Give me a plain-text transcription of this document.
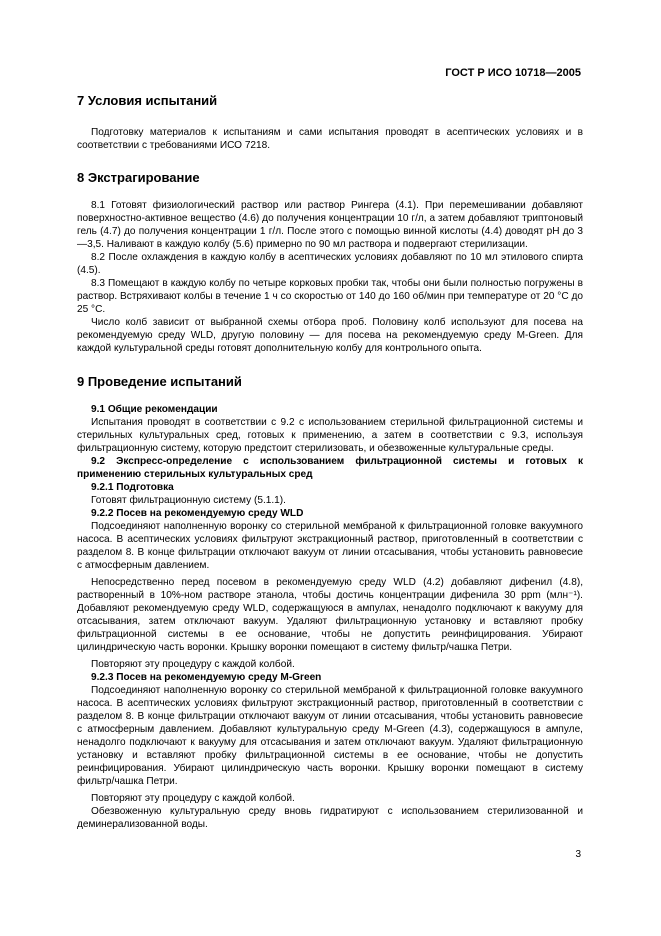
ГОСТ Р ИСО 10718—2005
7 Условия испытаний

Подготовку материалов к испытаниям и сами испытания проводят в асептических условиях и в соответствии с требованиями ИСО 7218.

8 Экстрагирование

8.1 Готовят физиологический раствор или раствор Рингера (4.1). При перемешивании добавляют поверхностно-активное вещество (4.6) до получения концентрации 10 г/л, а затем добавляют триптоновый гель (4.7) до получения концентрации 1 г/л. После этого с помощью винной кислоты (4.4) доводят pH до 3—3,5. Наливают в каждую колбу (5.6) примерно по 90 мл раствора и подвергают стерилизации.

8.2 После охлаждения в каждую колбу в асептических условиях добавляют по 10 мл этилового спирта (4.5).

8.3 Помещают в каждую колбу по четыре корковых пробки так, чтобы они были полностью погружены в раствор. Встряхивают колбы в течение 1 ч со скоростью от 140 до 160 об/мин при температуре от 20 °С до 25 °С.

Число колб зависит от выбранной схемы отбора проб. Половину колб используют для посева на рекомендуемую среду WLD, другую половину — для посева на рекомендуемую среду M-Green. Для каждой культуральной среды готовят дополнительную колбу для контрольного опыта.

9 Проведение испытаний

9.1 Общие рекомендации

Испытания проводят в соответствии с 9.2 с использованием стерильной фильтрационной системы и стерильных культуральных сред, готовых к применению, а затем в соответствии с 9.3, используя фильтрационную систему, которую предстоит стерилизовать, и обезвоженные культуральные среды.

9.2 Экспресс-определение с использованием фильтрационной системы и готовых к применению стерильных культуральных сред

9.2.1 Подготовка

Готовят фильтрационную систему (5.1.1).

9.2.2 Посев на рекомендуемую среду WLD

Подсоединяют наполненную воронку со стерильной мембраной к фильтрационной головке вакуумного насоса. В асептических условиях фильтруют экстракционный раствор, приготовленный в соответствии с разделом 8. В конце фильтрации отключают вакуум от линии отсасывания, чтобы установить равновесие с атмосферным давлением.

Непосредственно перед посевом в рекомендуемую среду WLD (4.2) добавляют дифенил (4.8), растворенный в 10%-ном растворе этанола, чтобы достичь концентрации дифенила 30 ppm (млн⁻¹). Добавляют рекомендуемую среду WLD, содержащуюся в ампулах, ненадолго подключают к вакууму для отсасывания, затем отключают вакуум. Удаляют фильтрационную установку и вставляют пробку фильтрационной системы в ее основание, чтобы не допустить реинфицирования. Убирают цилиндрическую часть воронки. Крышку воронки помещают в систему фильтр/чашка Петри.

Повторяют эту процедуру с каждой колбой.

9.2.3 Посев на рекомендуемую среду M-Green

Подсоединяют наполненную воронку со стерильной мембраной к фильтрационной головке вакуумного насоса. В асептических условиях фильтруют экстракционный раствор, приготовленный в соответствии с разделом 8. В конце фильтрации отключают вакуум от линии отсасывания, чтобы установить равновесие с атмосферным давлением. Добавляют культуральную среду M-Green (4.3), содержащуюся в ампуле, ненадолго подключают к вакууму для отсасывания и затем отключают вакуум. Удаляют фильтрационную установку и вставляют пробку фильтрационной системы в ее основание, чтобы не допустить реинфицирования. Убирают цилиндрическую часть воронки. Крышку воронки помещают в систему фильтр/чашка Петри.

Повторяют эту процедуру с каждой колбой.

Обезвоженную культуральную среду вновь гидратируют с использованием стерилизованной и деминерализованной воды.

3
